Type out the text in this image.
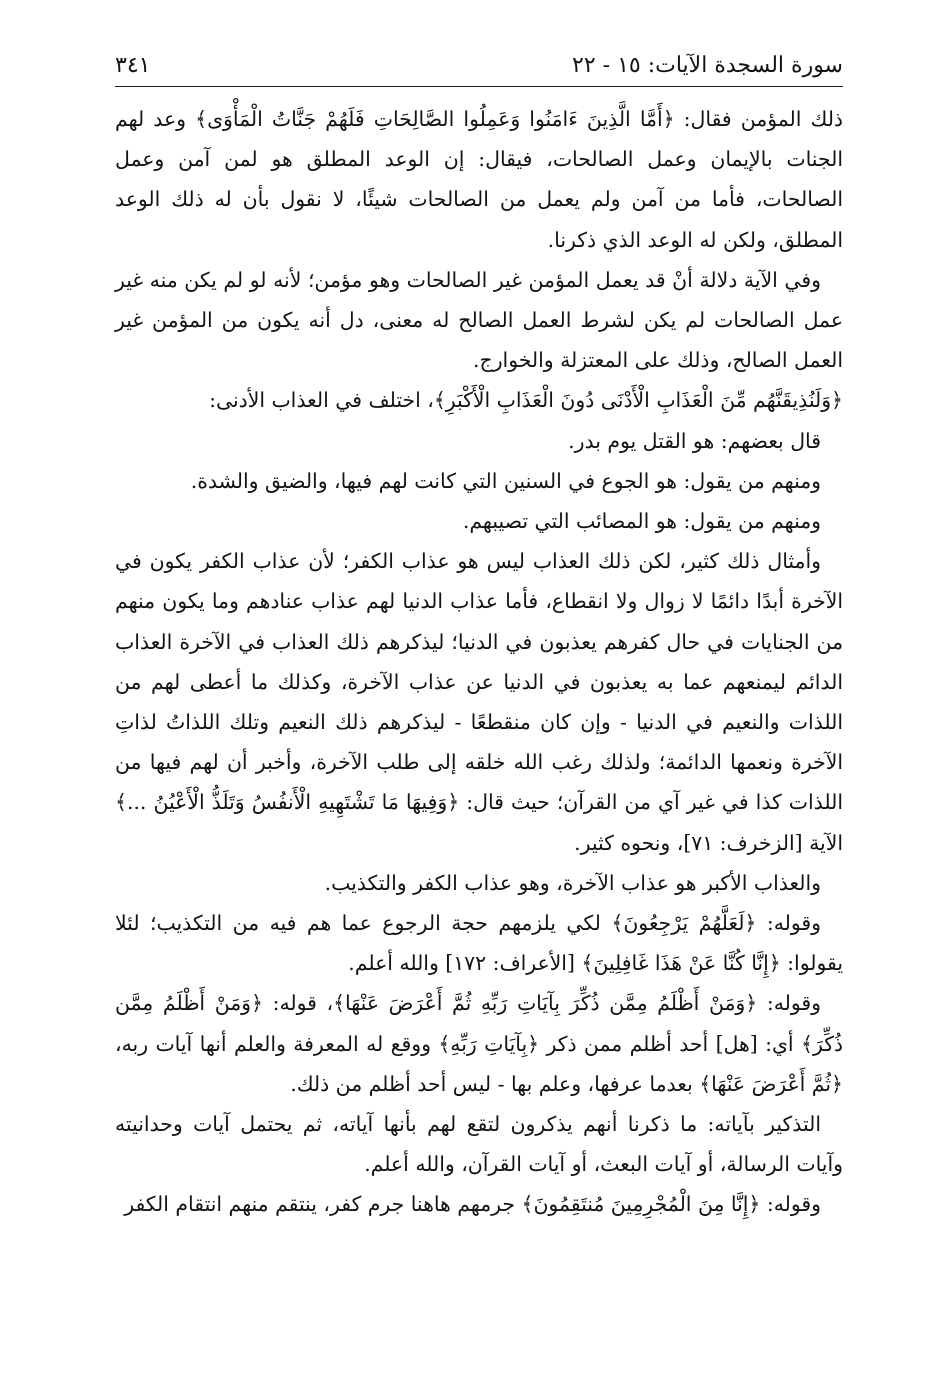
سورة السجدة الآيات: ١٥ - ٢٢
٣٤١

ذلك المؤمن فقال: ﴿أَمَّا الَّذِينَ ءَامَنُوا وَعَمِلُوا الصَّالِحَاتِ فَلَهُمْ جَنَّاتُ الْمَأْوَى﴾ وعد لهم الجنات بالإيمان وعمل الصالحات، فيقال: إن الوعد المطلق هو لمن آمن وعمل الصالحات، فأما من آمن ولم يعمل من الصالحات شيئًا، لا نقول بأن له ذلك الوعد المطلق، ولكن له الوعد الذي ذكرنا.

وفي الآية دلالة أنْ قد يعمل المؤمن غير الصالحات وهو مؤمن؛ لأنه لو لم يكن منه غير عمل الصالحات لم يكن لشرط العمل الصالح له معنى، دل أنه يكون من المؤمن غير العمل الصالح، وذلك على المعتزلة والخوارج.

﴿وَلَنُذِيقَنَّهُم مِّنَ الْعَذَابِ الْأَدْنَى دُونَ الْعَذَابِ الْأَكْبَرِ﴾، اختلف في العذاب الأدنى:

قال بعضهم: هو القتل يوم بدر.

ومنهم من يقول: هو الجوع في السنين التي كانت لهم فيها، والضيق والشدة.

ومنهم من يقول: هو المصائب التي تصيبهم.

وأمثال ذلك كثير، لكن ذلك العذاب ليس هو عذاب الكفر؛ لأن عذاب الكفر يكون في الآخرة أبدًا دائمًا لا زوال ولا انقطاع، فأما عذاب الدنيا لهم عذاب عنادهم وما يكون منهم من الجنايات في حال كفرهم يعذبون في الدنيا؛ ليذكرهم ذلك العذاب في الآخرة العذاب الدائم ليمنعهم عما به يعذبون في الدنيا عن عذاب الآخرة، وكذلك ما أعطى لهم من اللذات والنعيم في الدنيا - وإن كان منقطعًا - ليذكرهم ذلك النعيم وتلك اللذاتُ لذاتِ الآخرة ونعمها الدائمة؛ ولذلك رغب الله خلقه إلى طلب الآخرة، وأخبر أن لهم فيها من اللذات كذا في غير آي من القرآن؛ حيث قال: ﴿وَفِيهَا مَا تَشْتَهِيهِ الْأَنفُسُ وَتَلَذُّ الْأَعْيُنُ ...﴾ الآية [الزخرف: ٧١]، ونحوه كثير.

والعذاب الأكبر هو عذاب الآخرة، وهو عذاب الكفر والتكذيب.

وقوله: ﴿لَعَلَّهُمْ يَرْجِعُونَ﴾ لكي يلزمهم حجة الرجوع عما هم فيه من التكذيب؛ لئلا يقولوا: ﴿إِنَّا كُنَّا عَنْ هَذَا غَافِلِينَ﴾ [الأعراف: ١٧٢] والله أعلم.

وقوله: ﴿وَمَنْ أَظْلَمُ مِمَّن ذُكِّرَ بِآيَاتِ رَبِّهِ ثُمَّ أَعْرَضَ عَنْهَا﴾، قوله: ﴿وَمَنْ أَظْلَمُ مِمَّن ذُكِّرَ﴾ أي: [هل] أحد أظلم ممن ذكر ﴿بِآيَاتِ رَبِّهِ﴾ ووقع له المعرفة والعلم أنها آيات ربه، ﴿ثُمَّ أَعْرَضَ عَنْهَا﴾ بعدما عرفها، وعلم بها - ليس أحد أظلم من ذلك.

التذكير بآياته: ما ذكرنا أنهم يذكرون لتقع لهم بأنها آياته، ثم يحتمل آيات وحدانيته وآيات الرسالة، أو آيات البعث، أو آيات القرآن، والله أعلم.

وقوله: ﴿إِنَّا مِنَ الْمُجْرِمِينَ مُنتَقِمُونَ﴾ جرمهم هاهنا جرم كفر، ينتقم منهم انتقام الكفر
